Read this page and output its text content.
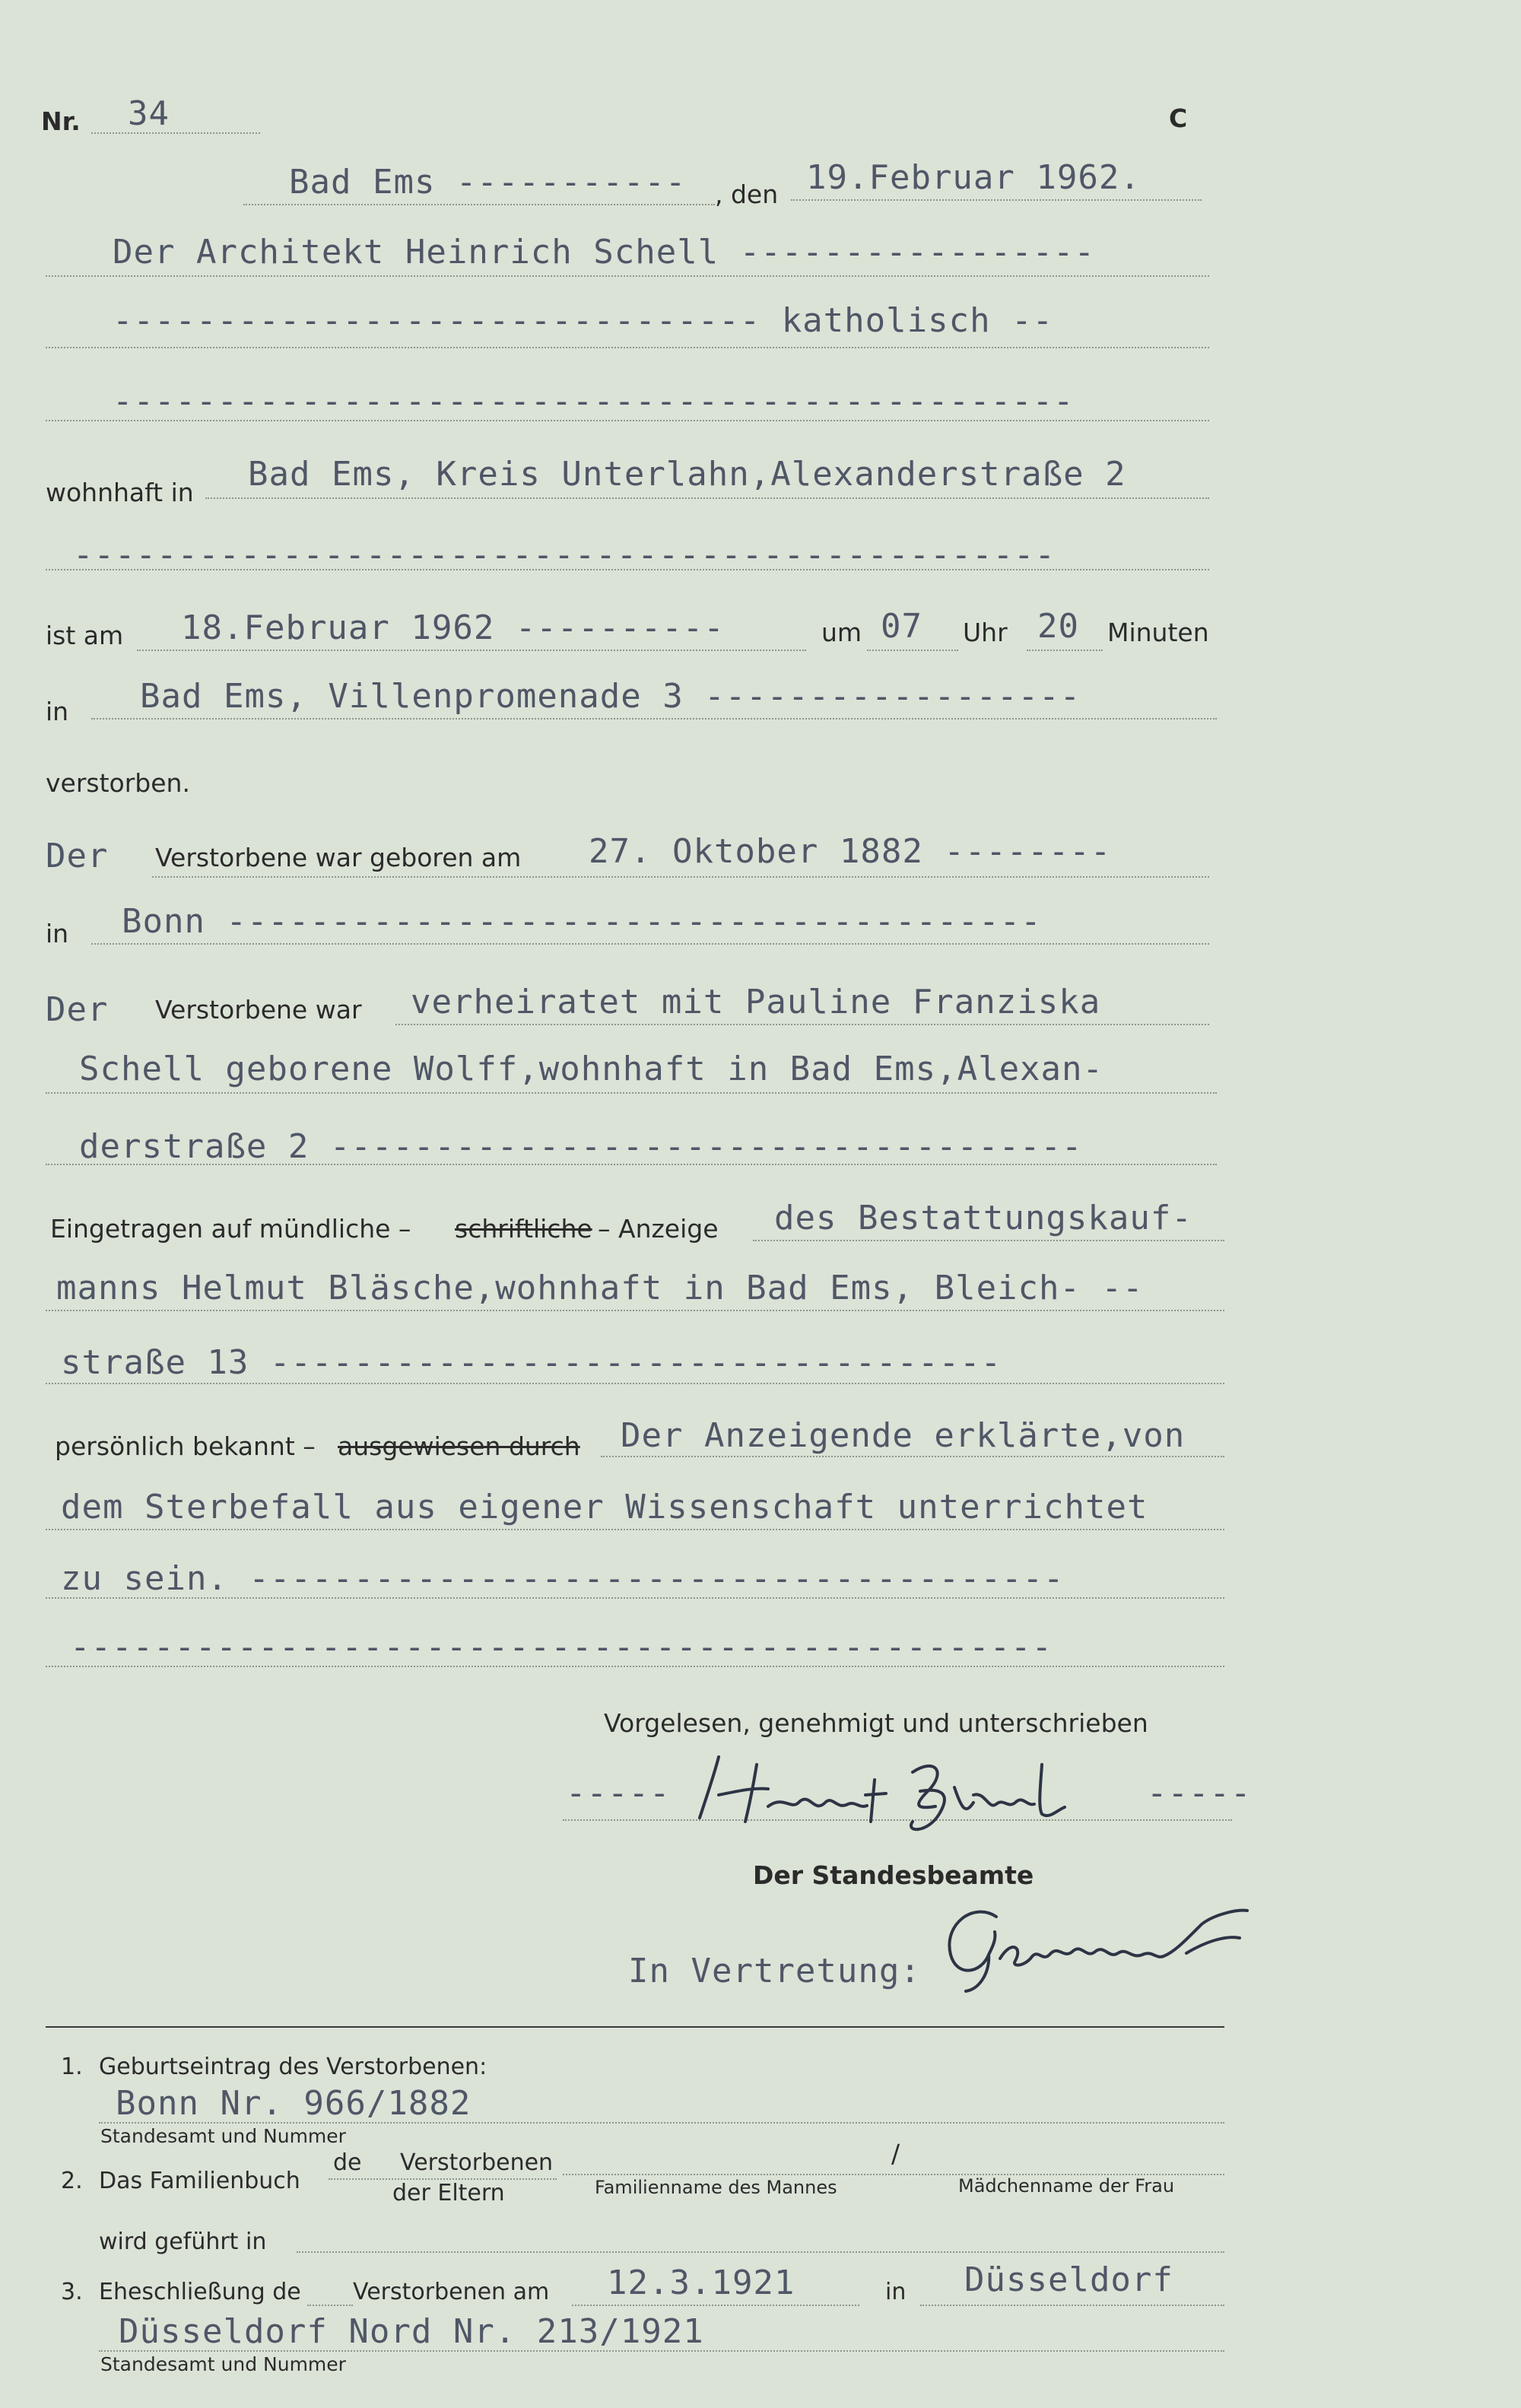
Nr. 34	C
Bad Ems ----------- , den 19.Februar 1962.
Der Architekt Heinrich Schell -----------------
------------------------------- katholisch --
----------------------------------------------
wohnhaft in Bad Ems, Kreis Unterlahn,Alexanderstraße 2
-----------------------------------------------
ist am 18.Februar 1962 ----------	um 07 Uhr 20 Minuten
in Bad Ems, Villenpromenade 3 ------------------
verstorben.
Der Verstorbene war geboren am 27. Oktober 1882 --------
in Bonn ---------------------------------------
Der Verstorbene war verheiratet mit Pauline Franziska
Schell geborene Wolff,wohnhaft in Bad Ems,Alexan-
derstraße 2 ------------------------------------
Eingetragen auf mündliche – schriftliche – Anzeige des Bestattungskauf-
manns Helmut Bläsche,wohnhaft in Bad Ems, Bleich- --
straße 13 -----------------------------------
persönlich bekannt – ausgewiesen durch Der Anzeigende erklärte,von
dem Sterbefall aus eigener Wissenschaft unterrichtet
zu sein. ---------------------------------------
-----------------------------------------------
Vorgelesen, genehmigt und unterschrieben
-----	-----
Der Standesbeamte
In Vertretung:
1. Geburtseintrag des Verstorbenen:
Bonn Nr. 966/1882
Standesamt und Nummer
2. Das Familienbuch
de Verstorbenen
der Eltern	Familienname des Mannes
/
Mädchenname der Frau
wird geführt in
3. Eheschließung de Verstorbenen am 12.3.1921	in Düsseldorf
Düsseldorf Nord Nr. 213/1921
Standesamt und Nummer
